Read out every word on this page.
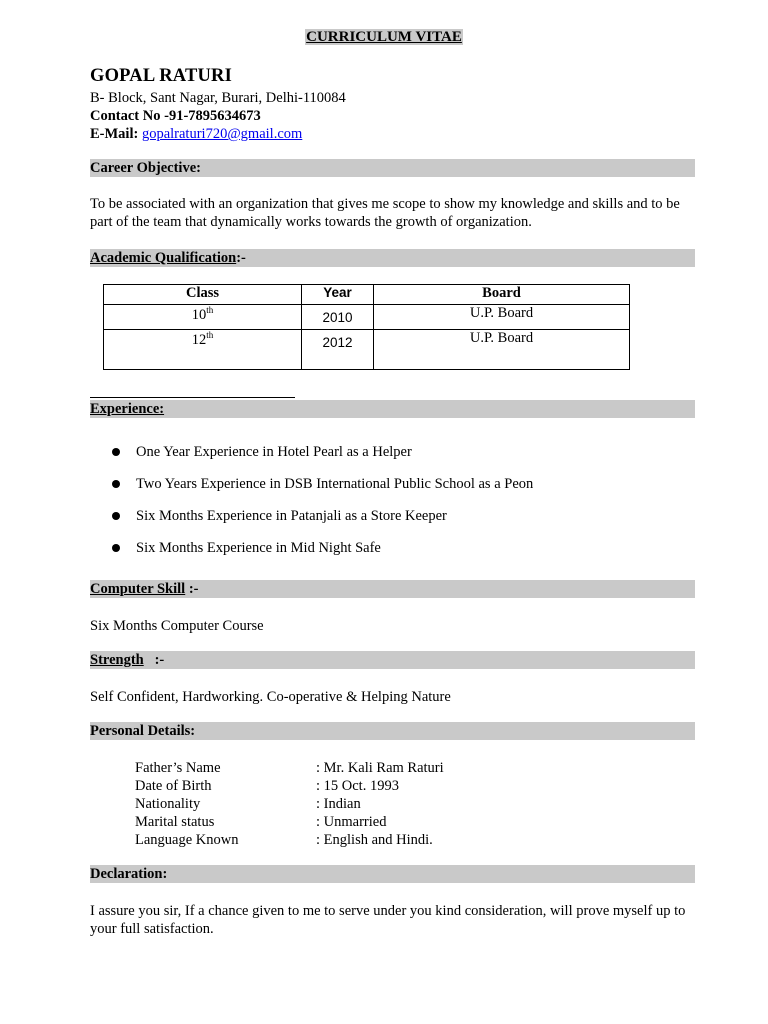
CURRICULUM VITAE
GOPAL RATURI
B- Block, Sant Nagar, Burari, Delhi-110084
Contact No -91-7895634673
E-Mail: gopalraturi720@gmail.com
Career Objective:
To be associated with an organization that gives me scope to show my knowledge and skills and to be part of the team that dynamically works towards the growth of organization.
Academic Qualification:-
Class	Year	Board
10th	2010	U.P. Board
12th	2012	U.P. Board
Experience:
One Year Experience in Hotel Pearl as a Helper
Two Years Experience in DSB International Public School as a Peon
Six Months Experience in Patanjali as a Store Keeper
Six Months Experience in Mid Night Safe
Computer Skill :-
Six Months Computer Course
Strength   :-
Self Confident, Hardworking. Co-operative & Helping Nature
Personal Details:
Father’s Name	: Mr. Kali Ram Raturi
Date of Birth	: 15 Oct. 1993
Nationality	: Indian
Marital status	: Unmarried
Language Known	: English and Hindi.
Declaration:
I assure you sir, If a chance given to me to serve under you kind consideration, will prove myself up to your full satisfaction.
